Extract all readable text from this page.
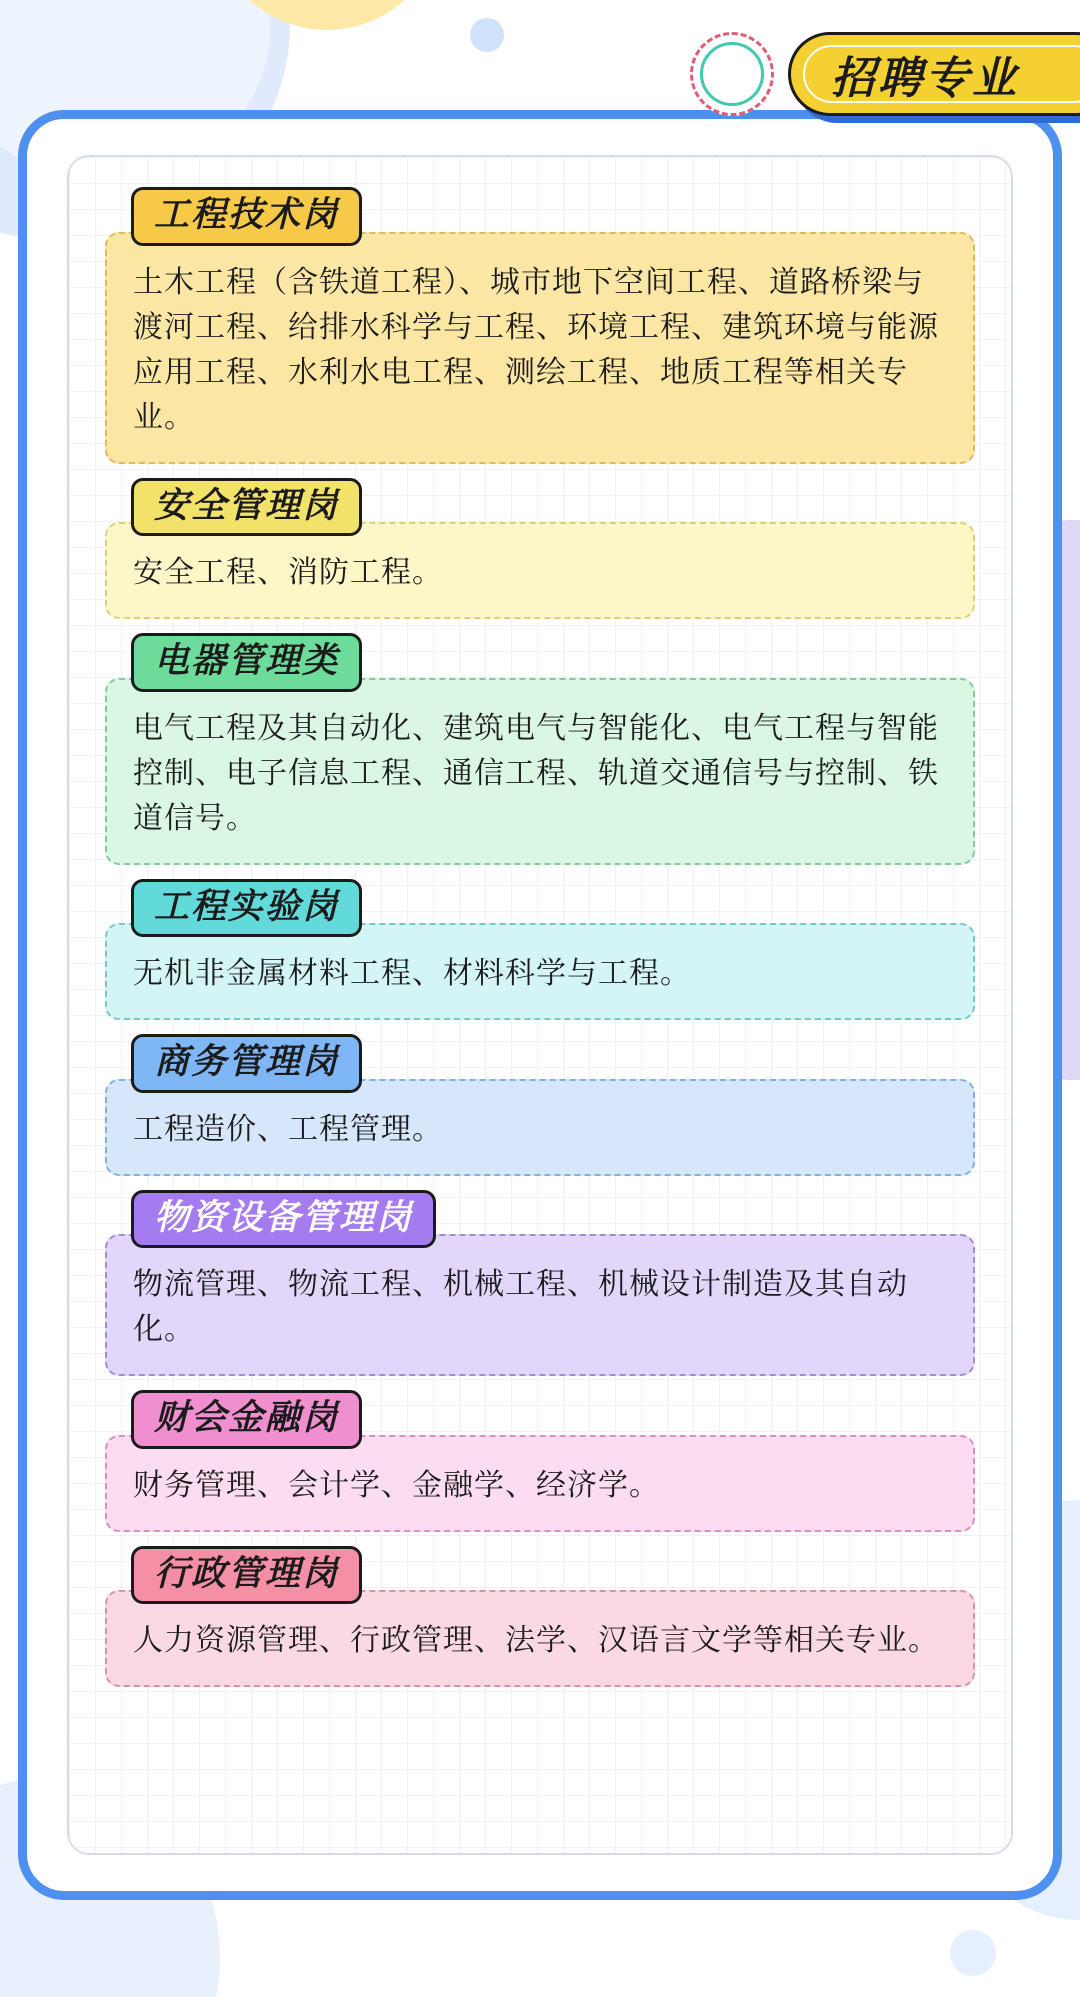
招聘专业
工程技术岗
土木工程（含铁道工程）、城市地下空间工程、道路桥梁与渡河工程、给排水科学与工程、环境工程、建筑环境与能源应用工程、水利水电工程、测绘工程、地质工程等相关专业。
安全管理岗
安全工程、消防工程。
电器管理类
电气工程及其自动化、建筑电气与智能化、电气工程与智能控制、电子信息工程、通信工程、轨道交通信号与控制、铁道信号。
工程实验岗
无机非金属材料工程、材料科学与工程。
商务管理岗
工程造价、工程管理。
物资设备管理岗
物流管理、物流工程、机械工程、机械设计制造及其自动化。
财会金融岗
财务管理、会计学、金融学、经济学。
行政管理岗
人力资源管理、行政管理、法学、汉语言文学等相关专业。
